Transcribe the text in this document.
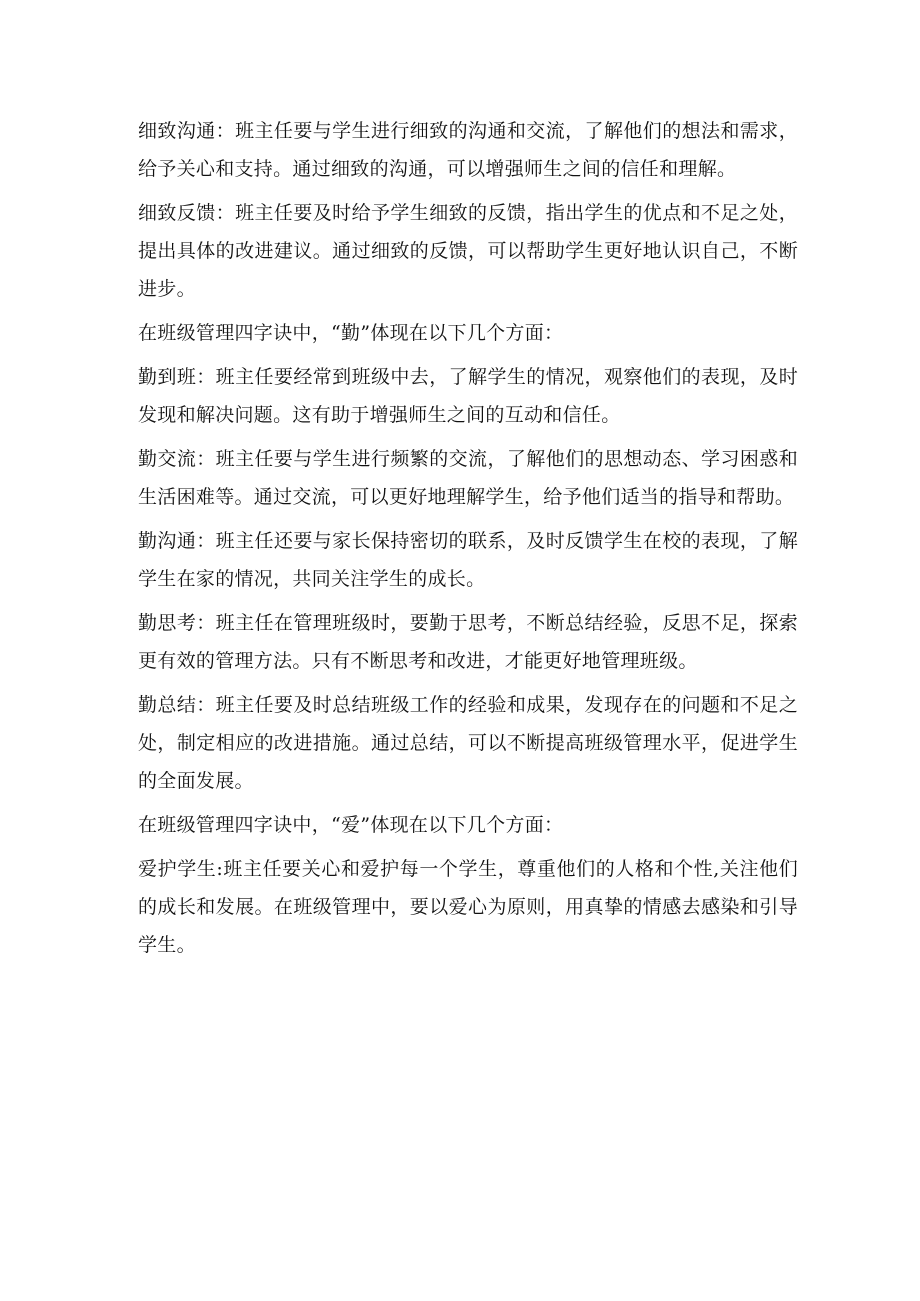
细致沟通：班主任要与学生进行细致的沟通和交流，了解他们的想法和需求，给予关心和支持。通过细致的沟通，可以增强师生之间的信任和理解。

细致反馈：班主任要及时给予学生细致的反馈，指出学生的优点和不足之处，提出具体的改进建议。通过细致的反馈，可以帮助学生更好地认识自己，不断进步。

在班级管理四字诀中，“勤”体现在以下几个方面：

勤到班：班主任要经常到班级中去，了解学生的情况，观察他们的表现，及时发现和解决问题。这有助于增强师生之间的互动和信任。

勤交流：班主任要与学生进行频繁的交流，了解他们的思想动态、学习困惑和生活困难等。通过交流，可以更好地理解学生，给予他们适当的指导和帮助。

勤沟通：班主任还要与家长保持密切的联系，及时反馈学生在校的表现，了解学生在家的情况，共同关注学生的成长。

勤思考：班主任在管理班级时，要勤于思考，不断总结经验，反思不足，探索更有效的管理方法。只有不断思考和改进，才能更好地管理班级。

勤总结：班主任要及时总结班级工作的经验和成果，发现存在的问题和不足之处，制定相应的改进措施。通过总结，可以不断提高班级管理水平，促进学生的全面发展。

在班级管理四字诀中，“爱”体现在以下几个方面：

爱护学生:班主任要关心和爱护每一个学生，尊重他们的人格和个性,关注他们的成长和发展。在班级管理中，要以爱心为原则，用真挚的情感去感染和引导学生。
